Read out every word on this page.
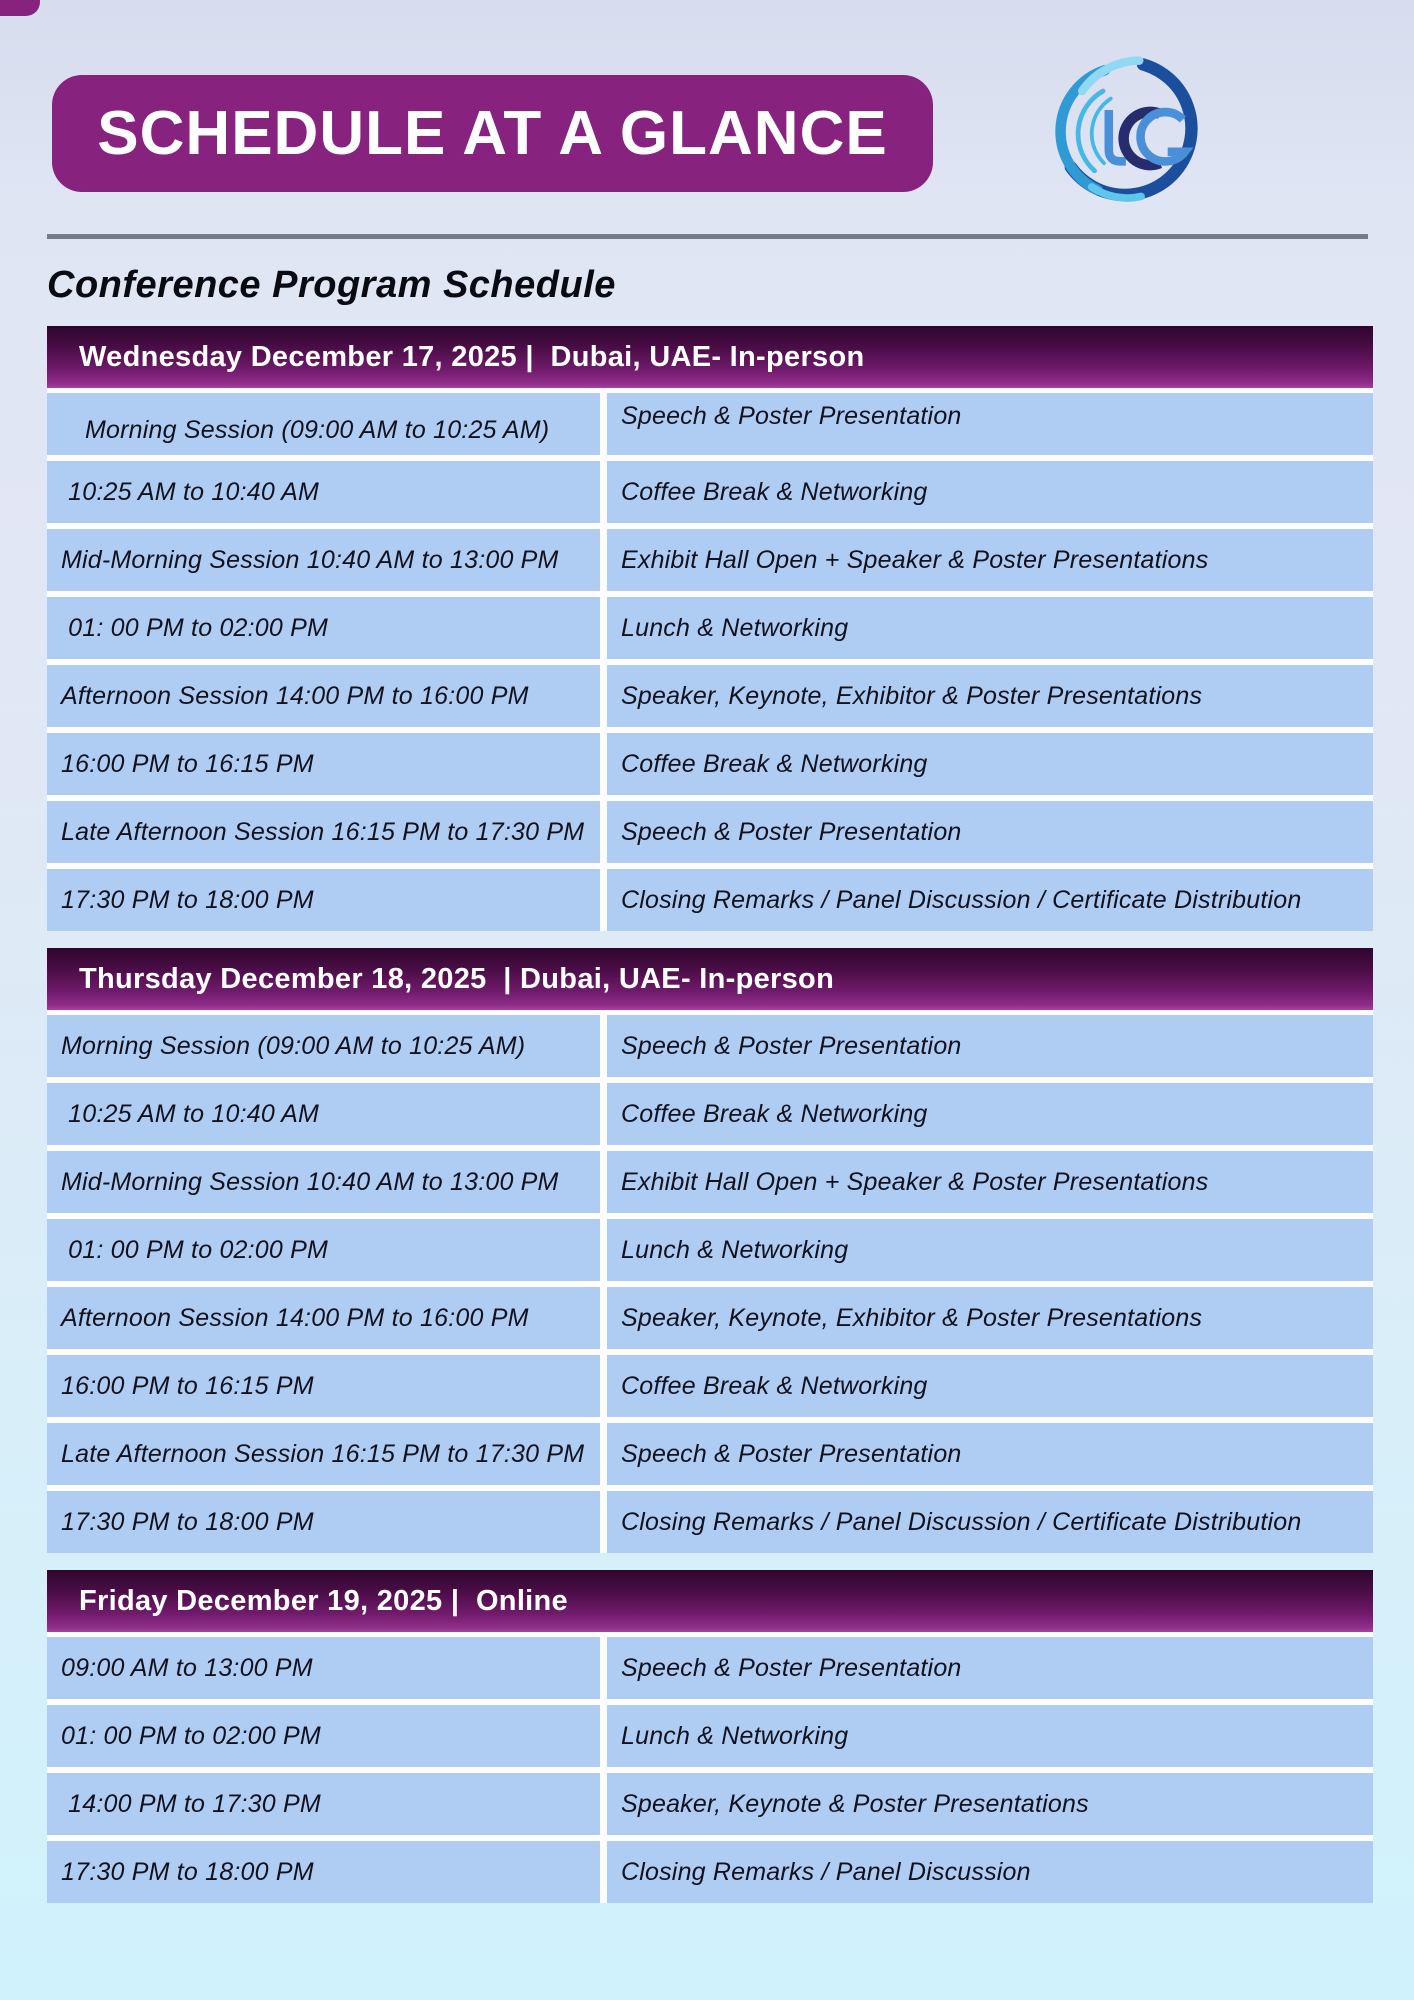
SCHEDULE AT A GLANCE
Conference Program Schedule
Wednesday December 17, 2025 |  Dubai, UAE- In-person
Morning Session (09:00 AM to 10:25 AM)	Speech & Poster Presentation
10:25 AM to 10:40 AM	Coffee Break & Networking
Mid-Morning Session 10:40 AM to 13:00 PM	Exhibit Hall Open + Speaker & Poster Presentations
01: 00 PM to 02:00 PM	Lunch & Networking
Afternoon Session 14:00 PM to 16:00 PM	Speaker, Keynote, Exhibitor & Poster Presentations
16:00 PM to 16:15 PM	Coffee Break & Networking
Late Afternoon Session 16:15 PM to 17:30 PM	Speech & Poster Presentation
17:30 PM to 18:00 PM	Closing Remarks / Panel Discussion / Certificate Distribution
Thursday December 18, 2025  | Dubai, UAE- In-person
Morning Session (09:00 AM to 10:25 AM)	Speech & Poster Presentation
10:25 AM to 10:40 AM	Coffee Break & Networking
Mid-Morning Session 10:40 AM to 13:00 PM	Exhibit Hall Open + Speaker & Poster Presentations
01: 00 PM to 02:00 PM	Lunch & Networking
Afternoon Session 14:00 PM to 16:00 PM	Speaker, Keynote, Exhibitor & Poster Presentations
16:00 PM to 16:15 PM	Coffee Break & Networking
Late Afternoon Session 16:15 PM to 17:30 PM	Speech & Poster Presentation
17:30 PM to 18:00 PM	Closing Remarks / Panel Discussion / Certificate Distribution
Friday December 19, 2025 |  Online
09:00 AM to 13:00 PM	Speech & Poster Presentation
01: 00 PM to 02:00 PM	Lunch & Networking
14:00 PM to 17:30 PM	Speaker, Keynote & Poster Presentations
17:30 PM to 18:00 PM	Closing Remarks / Panel Discussion
